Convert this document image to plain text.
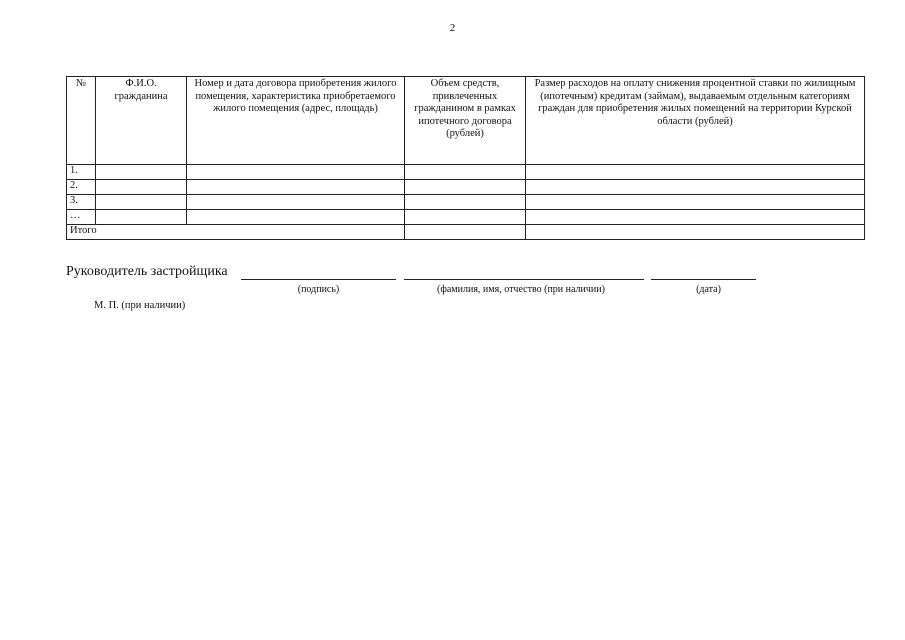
2
№	Ф.И.О. гражданина	Номер и дата договора приобретения жилого помещения, характеристика приобретаемого жилого помещения (адрес, площадь)	Объем средств, привлеченных гражданином в рамках ипотечного договора (рублей)	Размер расходов на оплату снижения процентной ставки по жилищным (ипотечным) кредитам (займам), выдаваемым отдельным категориям граждан для приобретения жилых помещений на территории Курской области (рублей)
1.				
2.				
3.				
…				
Итого				
Руководитель застройщика
(подпись)	(фамилия, имя, отчество (при наличии)	(дата)
М. П. (при наличии)
